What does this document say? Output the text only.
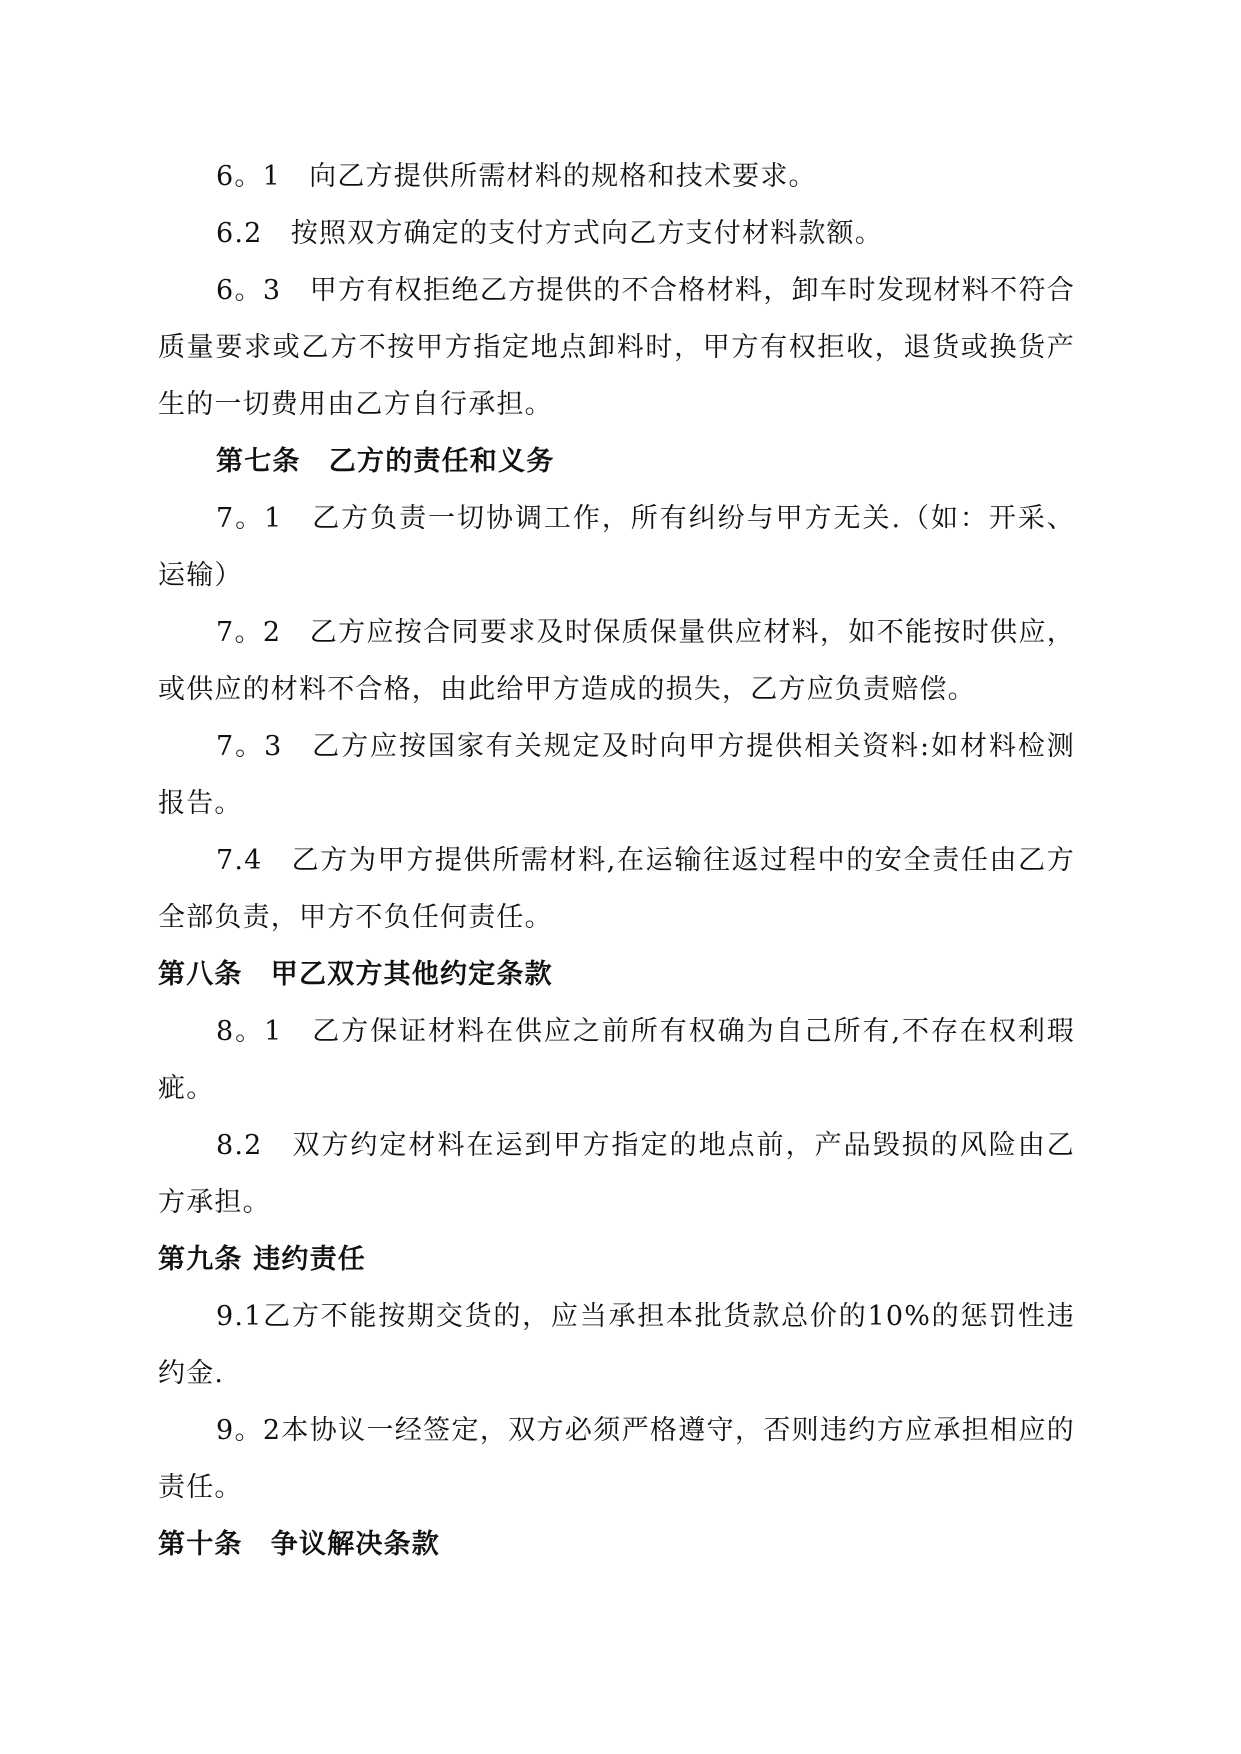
6。1　向乙方提供所需材料的规格和技术要求。

6.2　按照双方确定的支付方式向乙方支付材料款额。

6。3　甲方有权拒绝乙方提供的不合格材料，卸车时发现材料不符合质量要求或乙方不按甲方指定地点卸料时，甲方有权拒收，退货或换货产生的一切费用由乙方自行承担。

第七条　乙方的责任和义务

7。1　乙方负责一切协调工作，所有纠纷与甲方无关.（如：开采、运输）

7。2　乙方应按合同要求及时保质保量供应材料，如不能按时供应，或供应的材料不合格，由此给甲方造成的损失，乙方应负责赔偿。

7。3　乙方应按国家有关规定及时向甲方提供相关资料:如材料检测报告。

7.4　乙方为甲方提供所需材料,在运输往返过程中的安全责任由乙方全部负责，甲方不负任何责任。

第八条　甲乙双方其他约定条款

8。1　乙方保证材料在供应之前所有权确为自己所有,不存在权利瑕疵。

8.2　双方约定材料在运到甲方指定的地点前，产品毁损的风险由乙方承担。

第九条 违约责任

9.1乙方不能按期交货的，应当承担本批货款总价的10%的惩罚性违约金.

9。2本协议一经签定，双方必须严格遵守，否则违约方应承担相应的责任。

第十条　争议解决条款
